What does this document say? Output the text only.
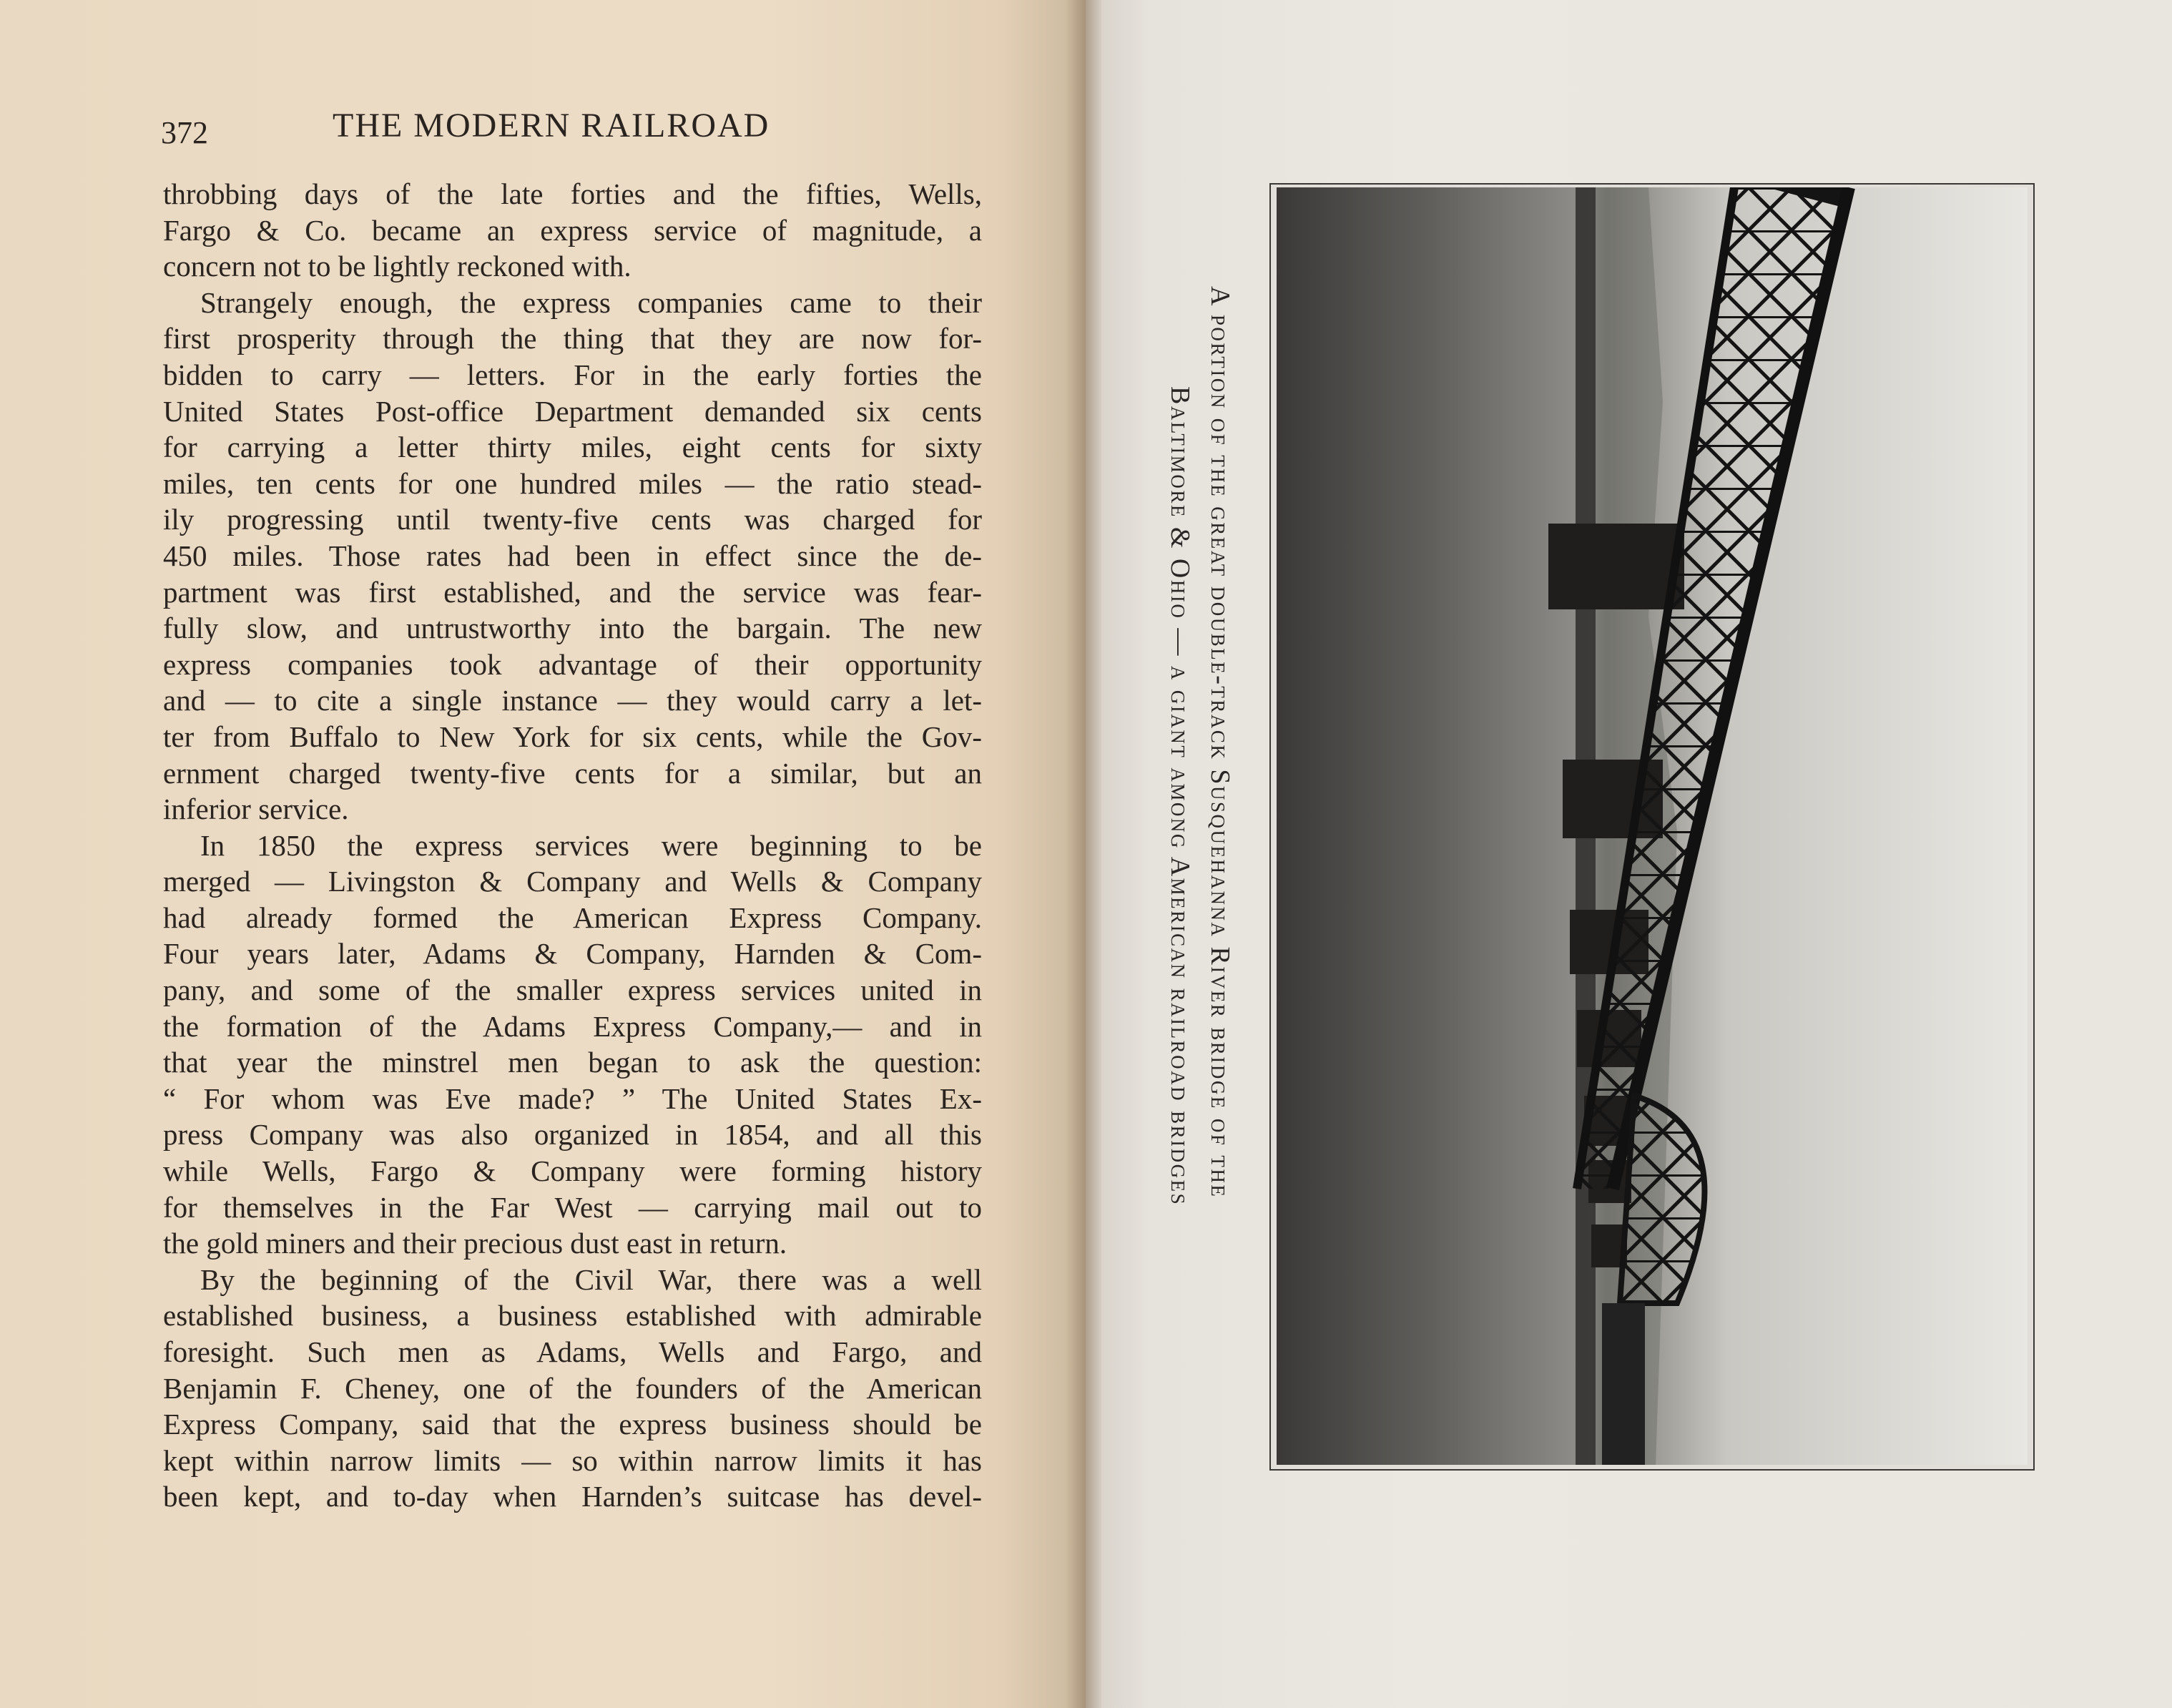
372	THE MODERN RAILROAD
throbbing days of the late forties and the fifties, Wells,
Fargo & Co. became an express service of magnitude, a
concern not to be lightly reckoned with.
Strangely enough, the express companies came to their
first prosperity through the thing that they are now for-
bidden to carry — letters. For in the early forties the
United States Post-office Department demanded six cents
for carrying a letter thirty miles, eight cents for sixty
miles, ten cents for one hundred miles — the ratio stead-
ily progressing until twenty-five cents was charged for
450 miles. Those rates had been in effect since the de-
partment was first established, and the service was fear-
fully slow, and untrustworthy into the bargain. The new
express companies took advantage of their opportunity
and — to cite a single instance — they would carry a let-
ter from Buffalo to New York for six cents, while the Gov-
ernment charged twenty-five cents for a similar, but an
inferior service.
In 1850 the express services were beginning to be
merged — Livingston & Company and Wells & Company
had already formed the American Express Company.
Four years later, Adams & Company, Harnden & Com-
pany, and some of the smaller express services united in
the formation of the Adams Express Company,— and in
that year the minstrel men began to ask the question:
“ For whom was Eve made? ” The United States Ex-
press Company was also organized in 1854, and all this
while Wells, Fargo & Company were forming history
for themselves in the Far West — carrying mail out to
the gold miners and their precious dust east in return.
By the beginning of the Civil War, there was a well
established business, a business established with admirable
foresight. Such men as Adams, Wells and Fargo, and
Benjamin F. Cheney, one of the founders of the American
Express Company, said that the express business should be
kept within narrow limits — so within narrow limits it has
been kept, and to-day when Harnden’s suitcase has devel-
A portion of the great double-track Susquehanna River bridge of the
Baltimore & Ohio — a giant among American railroad bridges
